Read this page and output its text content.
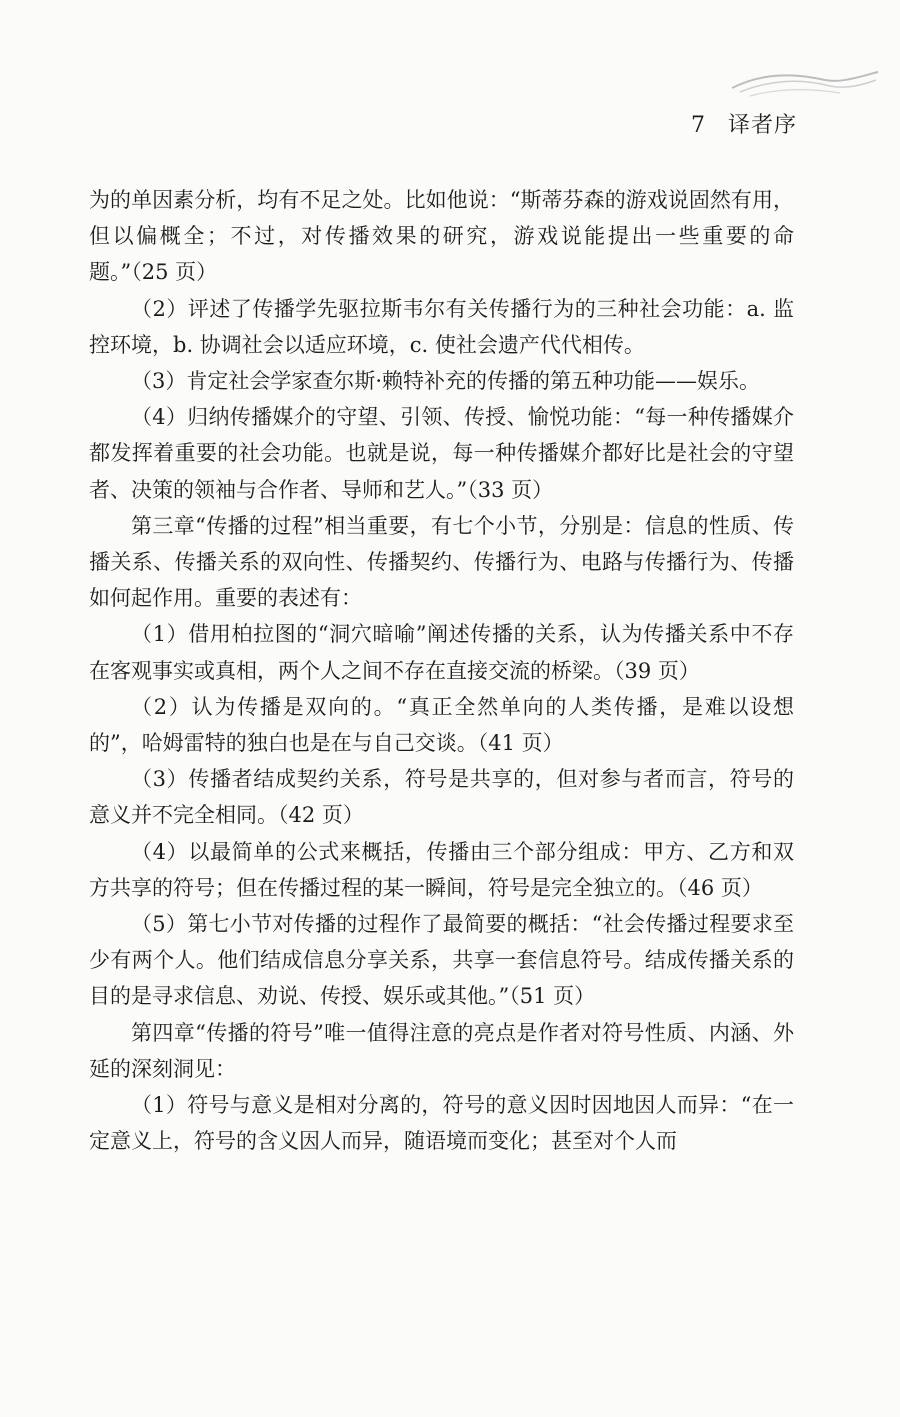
7 译者序

为的单因素分析，均有不足之处。比如他说：“斯蒂芬森的游戏说固然有用，但以偏概全；不过，对传播效果的研究，游戏说能提出一些重要的命题。”（25 页）

（2）评述了传播学先驱拉斯韦尔有关传播行为的三种社会功能：a. 监控环境，b. 协调社会以适应环境，c. 使社会遗产代代相传。

（3）肯定社会学家查尔斯·赖特补充的传播的第五种功能——娱乐。

（4）归纳传播媒介的守望、引领、传授、愉悦功能：“每一种传播媒介都发挥着重要的社会功能。也就是说，每一种传播媒介都好比是社会的守望者、决策的领袖与合作者、导师和艺人。”（33 页）

第三章“传播的过程”相当重要，有七个小节，分别是：信息的性质、传播关系、传播关系的双向性、传播契约、传播行为、电路与传播行为、传播如何起作用。重要的表述有：

（1）借用柏拉图的“洞穴暗喻”阐述传播的关系，认为传播关系中不存在客观事实或真相，两个人之间不存在直接交流的桥梁。（39 页）

（2）认为传播是双向的。“真正全然单向的人类传播，是难以设想的”，哈姆雷特的独白也是在与自己交谈。（41 页）

（3）传播者结成契约关系，符号是共享的，但对参与者而言，符号的意义并不完全相同。（42 页）

（4）以最简单的公式来概括，传播由三个部分组成：甲方、乙方和双方共享的符号；但在传播过程的某一瞬间，符号是完全独立的。（46 页）

（5）第七小节对传播的过程作了最简要的概括：“社会传播过程要求至少有两个人。他们结成信息分享关系，共享一套信息符号。结成传播关系的目的是寻求信息、劝说、传授、娱乐或其他。”（51 页）

第四章“传播的符号”唯一值得注意的亮点是作者对符号性质、内涵、外延的深刻洞见：

（1）符号与意义是相对分离的，符号的意义因时因地因人而异：“在一定意义上，符号的含义因人而异，随语境而变化；甚至对个人而
